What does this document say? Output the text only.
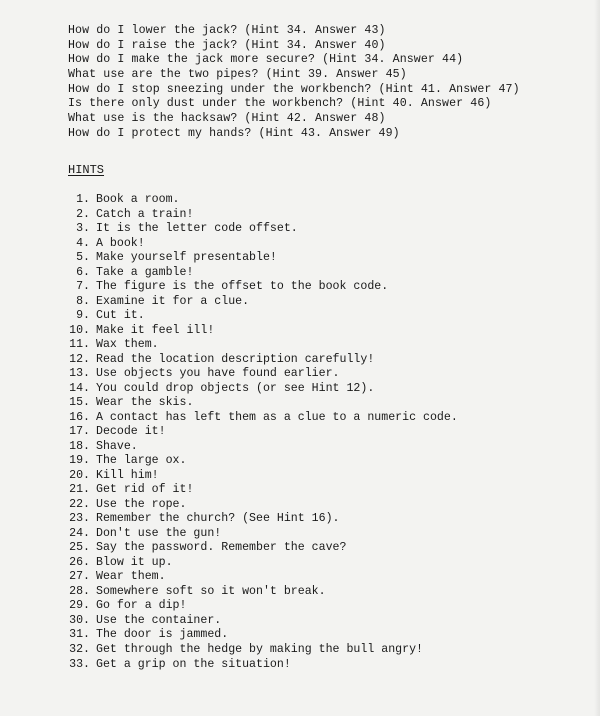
How do I lower the jack? (Hint 34. Answer 43)
How do I raise the jack? (Hint 34. Answer 40)
How do I make the jack more secure? (Hint 34. Answer 44)
What use are the two pipes? (Hint 39. Answer 45)
How do I stop sneezing under the workbench? (Hint 41. Answer 47)
Is there only dust under the workbench? (Hint 40. Answer 46)
What use is the hacksaw? (Hint 42. Answer 48)
How do I protect my hands? (Hint 43. Answer 49)
HINTS
1. Book a room.
2. Catch a train!
3. It is the letter code offset.
4. A book!
5. Make yourself presentable!
6. Take a gamble!
7. The figure is the offset to the book code.
8. Examine it for a clue.
9. Cut it.
10. Make it feel ill!
11. Wax them.
12. Read the location description carefully!
13. Use objects you have found earlier.
14. You could drop objects (or see Hint 12).
15. Wear the skis.
16. A contact has left them as a clue to a numeric code.
17. Decode it!
18. Shave.
19. The large ox.
20. Kill him!
21. Get rid of it!
22. Use the rope.
23. Remember the church? (See Hint 16).
24. Don't use the gun!
25. Say the password. Remember the cave?
26. Blow it up.
27. Wear them.
28. Somewhere soft so it won't break.
29. Go for a dip!
30. Use the container.
31. The door is jammed.
32. Get through the hedge by making the bull angry!
33. Get a grip on the situation!
